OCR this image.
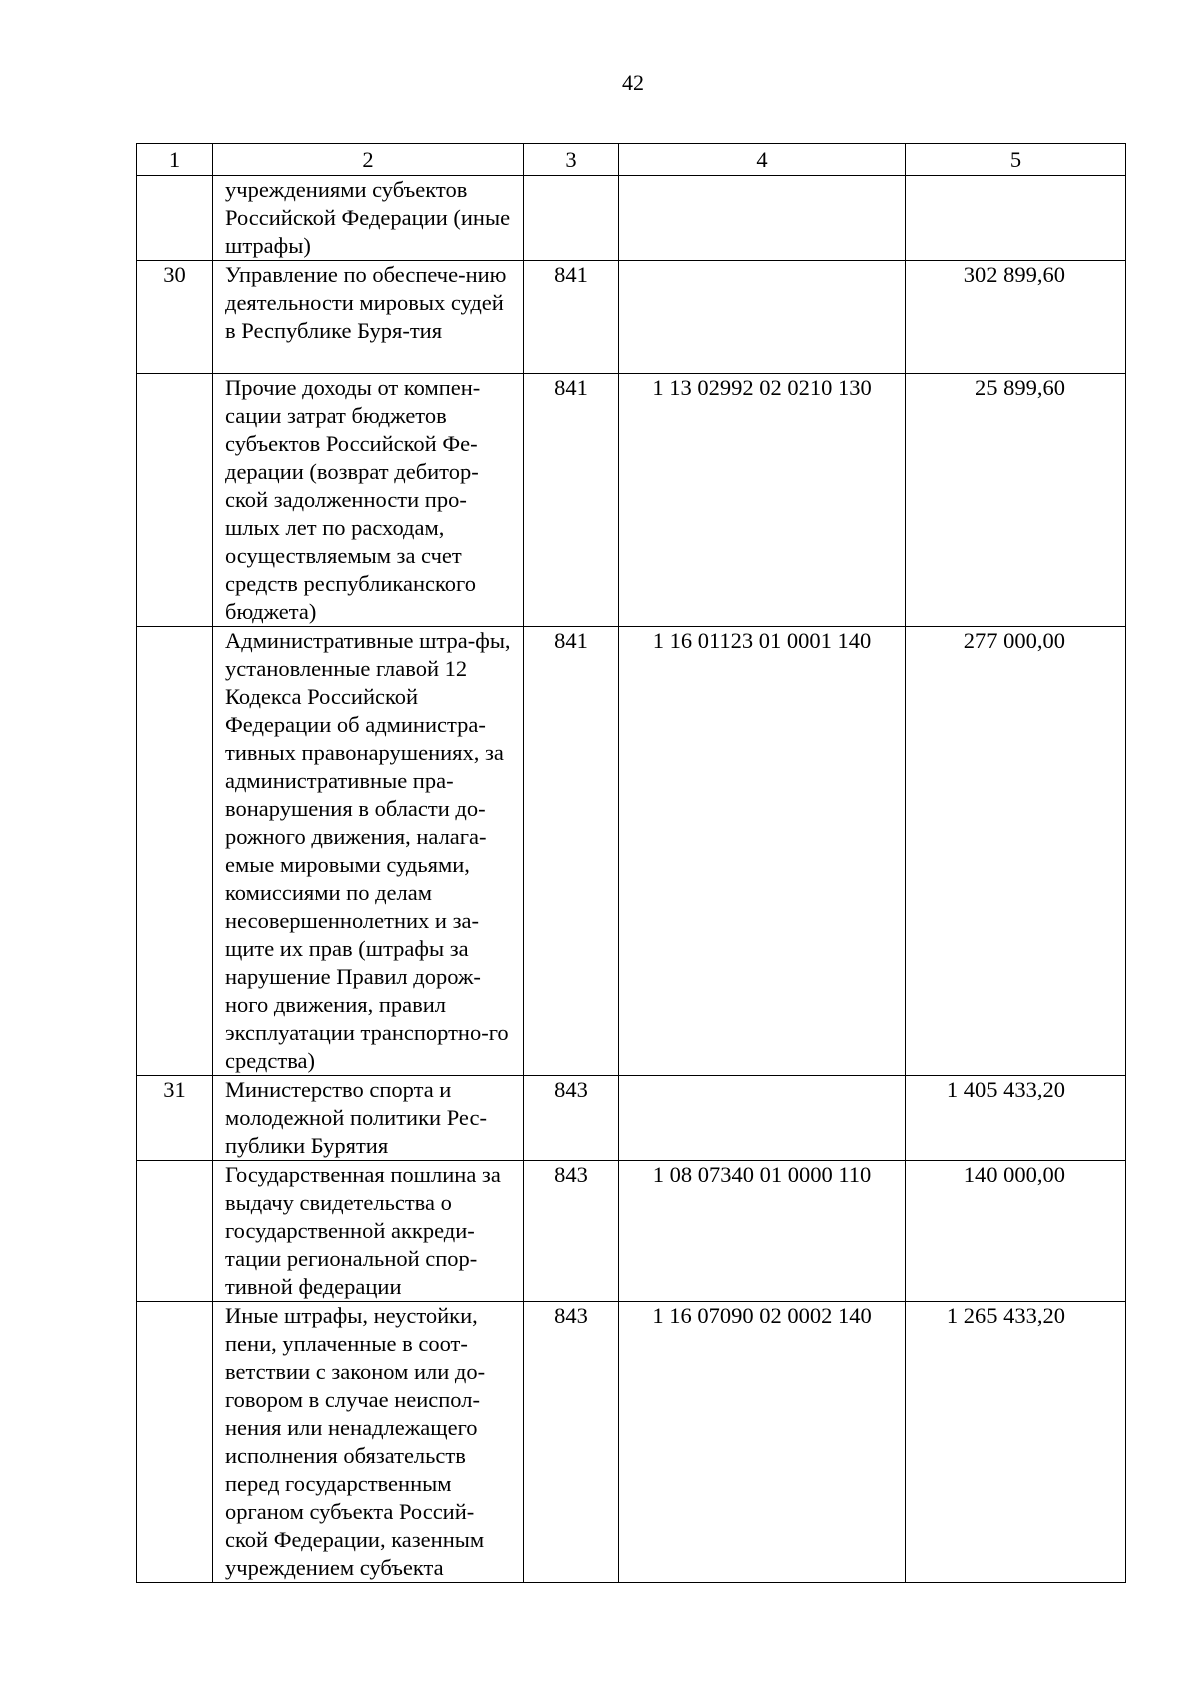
42
1	2	3	4	5
	учреждениями субъектов Российской Федерации (иные штрафы)			
30	Управление по обеспече-нию деятельности мировых судей в Республике Буря-тия	841		302 899,60
	Прочие доходы от компен-сации затрат бюджетов субъектов Российской Фе-дерации (возврат дебитор-ской задолженности про-шлых лет по расходам, осуществляемым за счет средств республиканского бюджета)	841	1 13 02992 02 0210 130	25 899,60
	Административные штра-фы, установленные главой 12 Кодекса Российской Федерации об администра-тивных правонарушениях, за административные пра-вонарушения в области до-рожного движения, налага-емые мировыми судьями, комиссиями по делам несовершеннолетних и за-щите их прав (штрафы за нарушение Правил дорож-ного движения, правил эксплуатации транспортно-го средства)	841	1 16 01123 01 0001 140	277 000,00
31	Министерство спорта и молодежной политики Рес-публики Бурятия	843		1 405 433,20
	Государственная пошлина за выдачу свидетельства о государственной аккреди-тации региональной спор-тивной федерации	843	1 08 07340 01 0000 110	140 000,00
	Иные штрафы, неустойки, пени, уплаченные в соот-ветствии с законом или до-говором в случае неиспол-нения или ненадлежащего исполнения обязательств перед государственным органом субъекта Россий-ской Федерации, казенным учреждением субъекта	843	1 16 07090 02 0002 140	1 265 433,20
